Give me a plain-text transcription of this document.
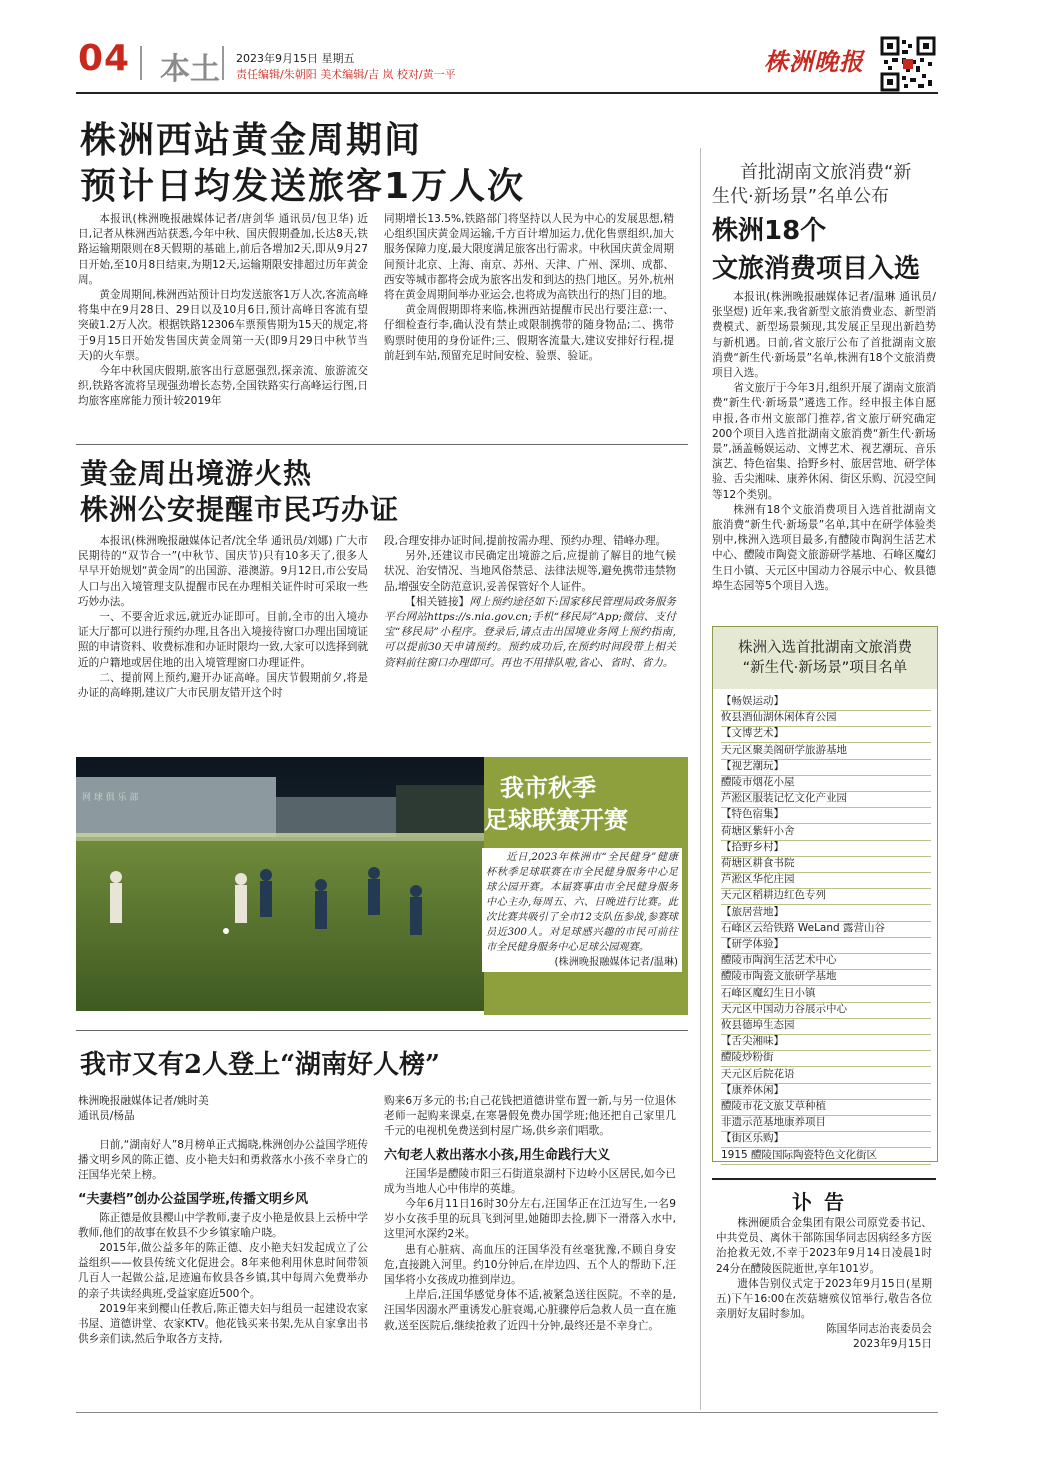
04 本土 2023年9月15日 星期五
责任编辑/朱朝阳 美术编辑/吉 岚 校对/黄一平	株洲晚报
株洲西站黄金周期间
预计日均发送旅客1万人次

本报讯(株洲晚报融媒体记者/唐剑华 通讯员/包卫华) 近日,记者从株洲西站获悉,今年中秋、国庆假期叠加,长达8天,铁路运输期限则在8天假期的基础上,前后各增加2天,即从9月27日开始,至10月8日结束,为期12天,运输期限安排超过历年黄金周。

黄金周期间,株洲西站预计日均发送旅客1万人次,客流高峰将集中在9月28日、29日以及10月6日,预计高峰日客流有望突破1.2万人次。根据铁路12306车票预售期为15天的规定,将于9月15日开始发售国庆黄金周第一天(即9月29日中秋节当天)的火车票。

今年中秋国庆假期,旅客出行意愿强烈,探亲流、旅游流交织,铁路客流将呈现强劲增长态势,全国铁路实行高峰运行图,日均旅客座席能力预计较2019年

同期增长13.5%,铁路部门将坚持以人民为中心的发展思想,精心组织国庆黄金周运输,千方百计增加运力,优化售票组织,加大服务保障力度,最大限度满足旅客出行需求。中秋国庆黄金周期间预计北京、上海、南京、苏州、天津、广州、深圳、成都、西安等城市都将会成为旅客出发和到达的热门地区。另外,杭州将在黄金周期间举办亚运会,也将成为高铁出行的热门目的地。

黄金周假期即将来临,株洲西站提醒市民出行要注意:一、仔细检查行李,确认没有禁止或限制携带的随身物品;二、携带购票时使用的身份证件;三、假期客流量大,建议安排好行程,提前赶到车站,预留充足时间安检、验票、验证。

首批湖南文旅消费“新
生代·新场景”名单公布
株洲18个
文旅消费项目入选

本报讯(株洲晚报融媒体记者/温琳 通讯员/张坚煜) 近年来,我省新型文旅消费业态、新型消费模式、新型场景频现,其发展正呈现出新趋势与新机遇。日前,省文旅厅公布了首批湖南文旅消费“新生代·新场景”名单,株洲有18个文旅消费项目入选。

省文旅厅于今年3月,组织开展了湖南文旅消费“新生代·新场景”遴选工作。经申报主体自愿申报,各市州文旅部门推荐,省文旅厅研究确定200个项目入选首批湖南文旅消费“新生代·新场景”,涵盖畅娱运动、文博艺术、视艺潮玩、音乐演艺、特色宿集、拾野乡村、旅居营地、研学体验、舌尖湘味、康养休闲、街区乐购、沉浸空间等12个类别。

株洲有18个文旅消费项目入选首批湖南文旅消费“新生代·新场景”名单,其中在研学体验类别中,株洲入选项目最多,有醴陵市陶润生活艺术中心、醴陵市陶瓷文旅游研学基地、石峰区魔幻生日小镇、天元区中国动力谷展示中心、攸县德埠生态园等5个项目入选。

株洲入选首批湖南文旅消费
“新生代·新场景”项目名单
【畅娱运动】
攸县酒仙湖休闲体育公园
【文博艺术】
天元区聚美阁研学旅游基地
【视艺潮玩】
醴陵市烟花小屋
芦淞区服装记忆文化产业园
【特色宿集】
荷塘区紫轩小舍
【拾野乡村】
荷塘区耕食书院
芦淞区华佗庄园
天元区稻耕边红色专列
【旅居营地】
石峰区云给铁路 WeLand 露营山谷
【研学体验】
醴陵市陶润生活艺术中心
醴陵市陶瓷文旅研学基地
石峰区魔幻生日小镇
天元区中国动力谷展示中心
攸县德埠生态园
【舌尖湘味】
醴陵炒粉街
天元区后院花语
【康养休闲】
醴陵市花文旅艾草种植
非遗示范基地康养项目
【街区乐购】
1915 醴陵国际陶瓷特色文化街区
讣告

株洲硬质合金集团有限公司原党委书记、中共党员、离休干部陈国华同志因病经多方医治抢救无效,不幸于2023年9月14日凌晨1时24分在醴陵医院逝世,享年101岁。

遗体告别仪式定于2023年9月15日(星期五)下午16:00在茨菇塘殡仪馆举行,敬告各位亲朋好友届时参加。

陈国华同志治丧委员会
2023年9月15日
黄金周出境游火热
株洲公安提醒市民巧办证

本报讯(株洲晚报融媒体记者/沈全华 通讯员/刘娜) 广大市民期待的“双节合一”(中秋节、国庆节)只有10多天了,很多人早早开始规划“黄金周”的出国游、港澳游。9月12日,市公安局人口与出入境管理支队提醒市民在办理相关证件时可采取一些巧妙办法。

一、不要舍近求远,就近办证即可。目前,全市的出入境办证大厅都可以进行预约办理,且各出入境接待窗口办理出国境证照的申请资料、收费标准和办证时限均一致,大家可以选择到就近的户籍地或居住地的出入境管理窗口办理证件。

二、提前网上预约,避开办证高峰。国庆节假期前夕,将是办证的高峰期,建议广大市民朋友错开这个时

段,合理安排办证时间,提前按需办理、预约办理、错峰办理。

另外,还建议市民确定出境游之后,应提前了解目的地气候状况、治安情况、当地风俗禁忌、法律法规等,避免携带违禁物品,增强安全防范意识,妥善保管好个人证件。

【相关链接】网上预约途径如下:国家移民管理局政务服务平台网站https://s.nia.gov.cn;手机“移民局”App;微信、支付宝“移民局”小程序。登录后,请点击出国境业务网上预约指南,可以提前30天申请预约。预约成功后,在预约时间段带上相关资料前往窗口办理即可。再也不用排队啦,省心、省时、省力。

网 球 俱 乐 部	我市秋季
足球联赛开赛

近日,2023年株洲市“全民健身”健康杯秋季足球联赛在市全民健身服务中心足球公园开赛。本届赛事由市全民健身服务中心主办,每周五、六、日晚进行比赛。此次比赛共吸引了全市12支队伍参战,参赛球员近300人。对足球感兴趣的市民可前往市全民健身服务中心足球公园观赛。

(株洲晚报融媒体记者/温琳)
我市又有2人登上“湖南好人榜”
株洲晚报融媒体记者/姚时美
通讯员/杨晶

日前,“湖南好人”8月榜单正式揭晓,株洲创办公益国学班传播文明乡风的陈正德、皮小艳夫妇和勇救落水小孩不幸身亡的汪国华光荣上榜。

“夫妻档”创办公益国学班,传播文明乡风

陈正德是攸县樱山中学教师,妻子皮小艳是攸县上云桥中学教师,他们的故事在攸县不少乡镇家喻户晓。

2015年,做公益多年的陈正德、皮小艳夫妇发起成立了公益组织——攸县传统文化促进会。8年来他利用休息时间带领几百人一起做公益,足迹遍布攸县各乡镇,其中每周六免费举办的亲子共读经典班,受益家庭近500个。

2019年来到樱山任教后,陈正德夫妇与组员一起建设农家书屋、道德讲堂、农家KTV。他花钱买来书架,先从自家拿出书供乡亲们读,然后争取各方支持,

购来6万多元的书;自己花钱把道德讲堂布置一新,与另一位退休老师一起购来课桌,在寒暑假免费办国学班;他还把自己家里几千元的电视机免费送到村屋广场,供乡亲们唱歌。

六旬老人救出落水小孩,用生命践行大义

汪国华是醴陵市阳三石街道泉湖村下边岭小区居民,如今已成为当地人心中伟岸的英雄。

今年6月11日16时30分左右,汪国华正在江边写生,一名9岁小女孩手里的玩具飞到河里,她随即去捡,脚下一滑落入水中,这里河水深约2米。

患有心脏病、高血压的汪国华没有丝毫犹豫,不顾自身安危,直接跳入河里。约10分钟后,在岸边四、五个人的帮助下,汪国华将小女孩成功推到岸边。

上岸后,汪国华感觉身体不适,被紧急送往医院。不幸的是,汪国华因溺水严重诱发心脏衰竭,心脏骤停后急救人员一直在施救,送至医院后,继续抢救了近四十分钟,最终还是不幸身亡。
